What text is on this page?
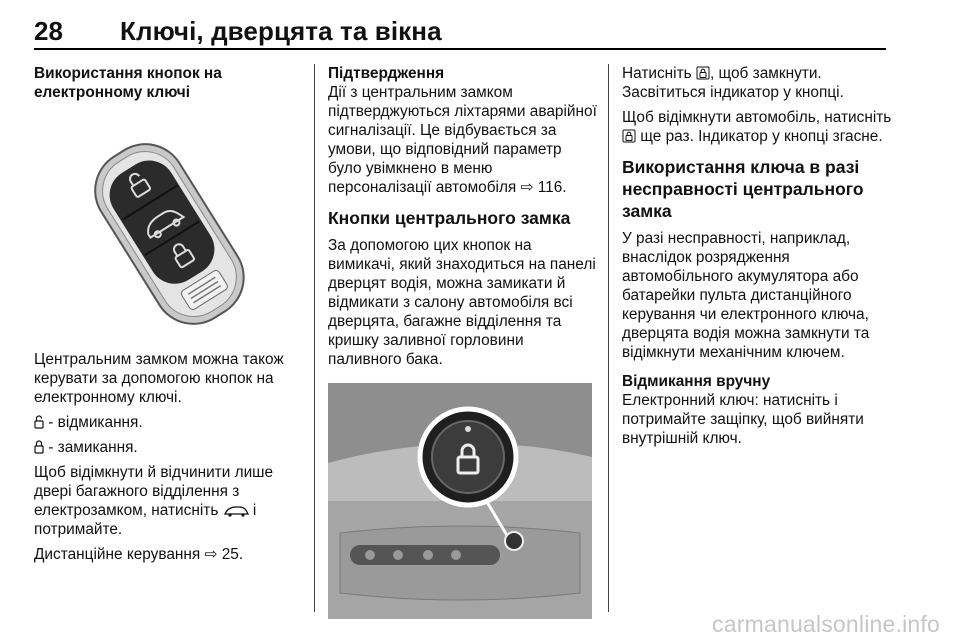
28 Ключі, дверцята та вікна

Використання кнопок на електронному ключі

Центральним замком можна також керувати за допомогою кнопок на електронному ключі.

- відмикання.

- замикання.

Щоб відімкнути й відчинити лише двері багажного відділення з електрозамком, натисніть  і потримайте.

Дистанційне керування ⇨ 25.

Підтвердження

Дії з центральним замком підтверджуються ліхтарями аварійної сигналізації. Це відбувається за умови, що відповідний параметр було увімкнено в меню персоналізації автомобіля ⇨ 116.

Кнопки центрального замка

За допомогою цих кнопок на вимикачі, який знаходиться на панелі дверцят водія, можна замикати й відмикати з салону автомобіля всі дверцята, багажне відділення та кришку заливної горловини паливного бака.

Натисніть , щоб замкнути. Засвітиться індикатор у кнопці.

Щоб відімкнути автомобіль, натисніть  ще раз. Індикатор у кнопці згасне.

Використання ключа в разі несправності центрального замка

У разі несправності, наприклад, внаслідок розрядження автомобільного акумулятора або батарейки пульта дистанційного керування чи електронного ключа, дверцята водія можна замкнути та відімкнути механічним ключем.

Відмикання вручну

Електронний ключ: натисніть і потримайте защіпку, щоб вийняти внутрішній ключ.

carmanualsonline.info
